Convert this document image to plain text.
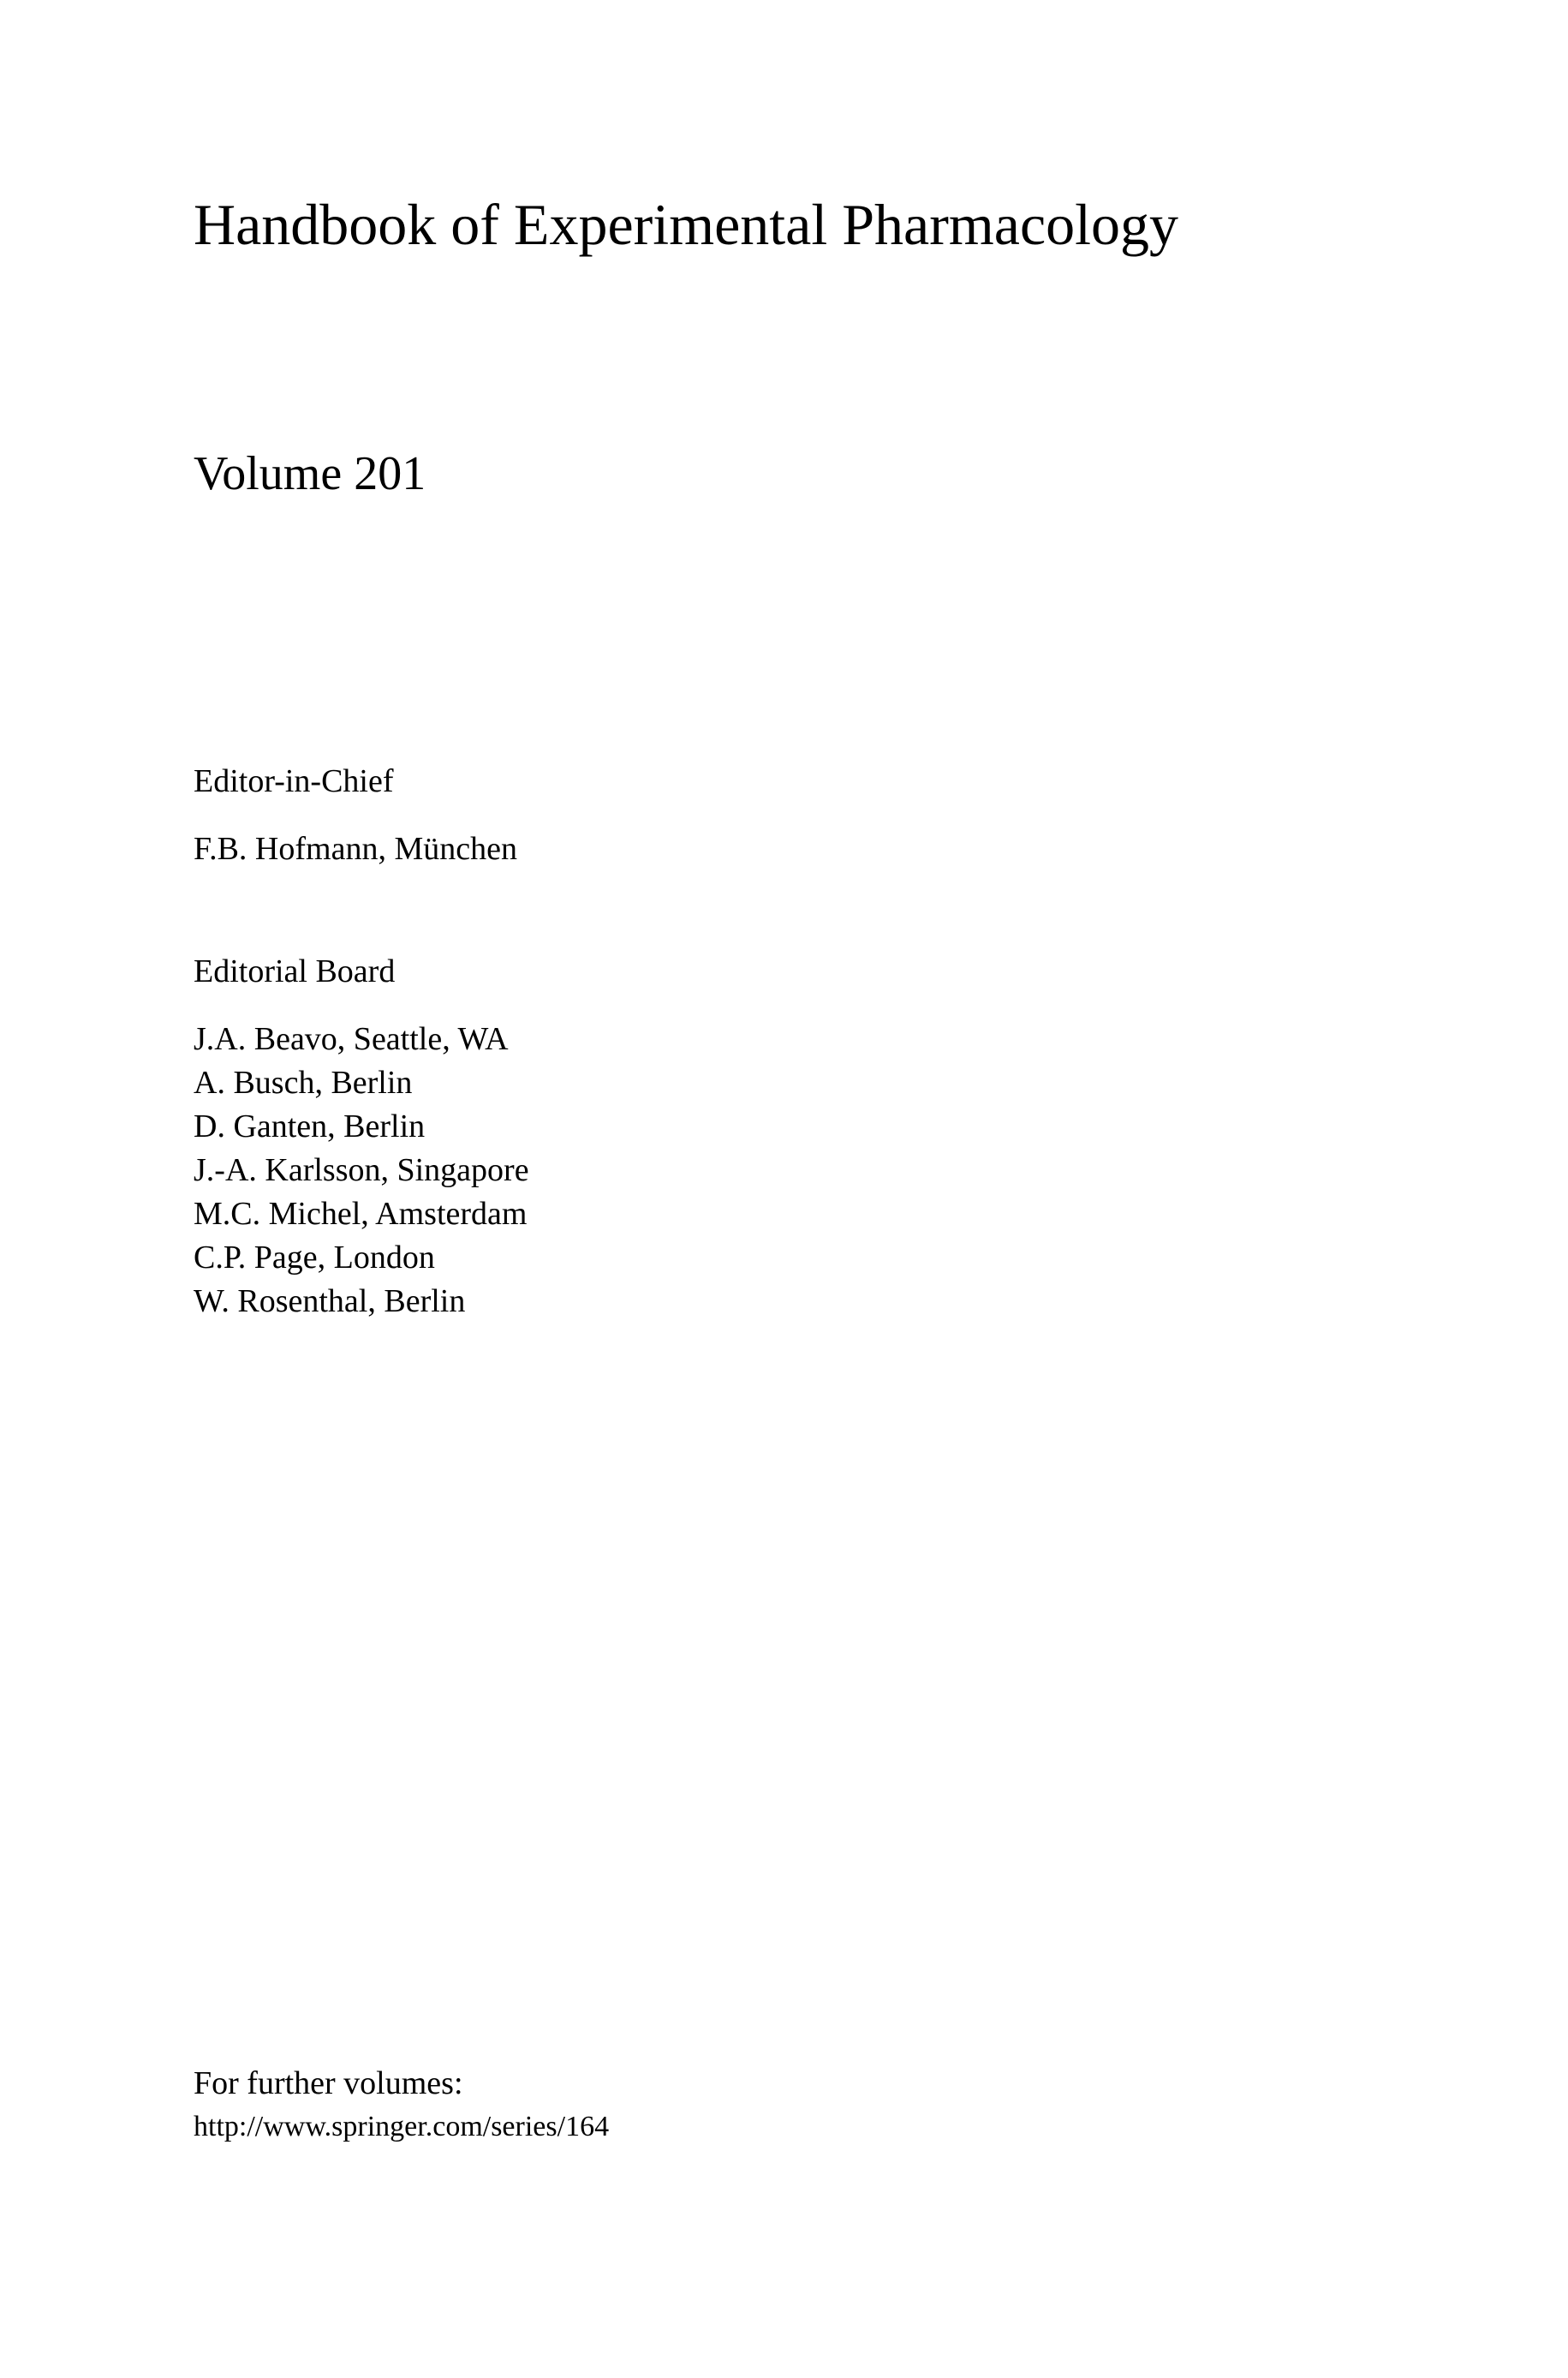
Handbook of Experimental Pharmacology
Volume 201
Editor-in-Chief
F.B. Hofmann, München
Editorial Board
J.A. Beavo, Seattle, WA
A. Busch, Berlin
D. Ganten, Berlin
J.-A. Karlsson, Singapore
M.C. Michel, Amsterdam
C.P. Page, London
W. Rosenthal, Berlin
For further volumes:
http://www.springer.com/series/164
